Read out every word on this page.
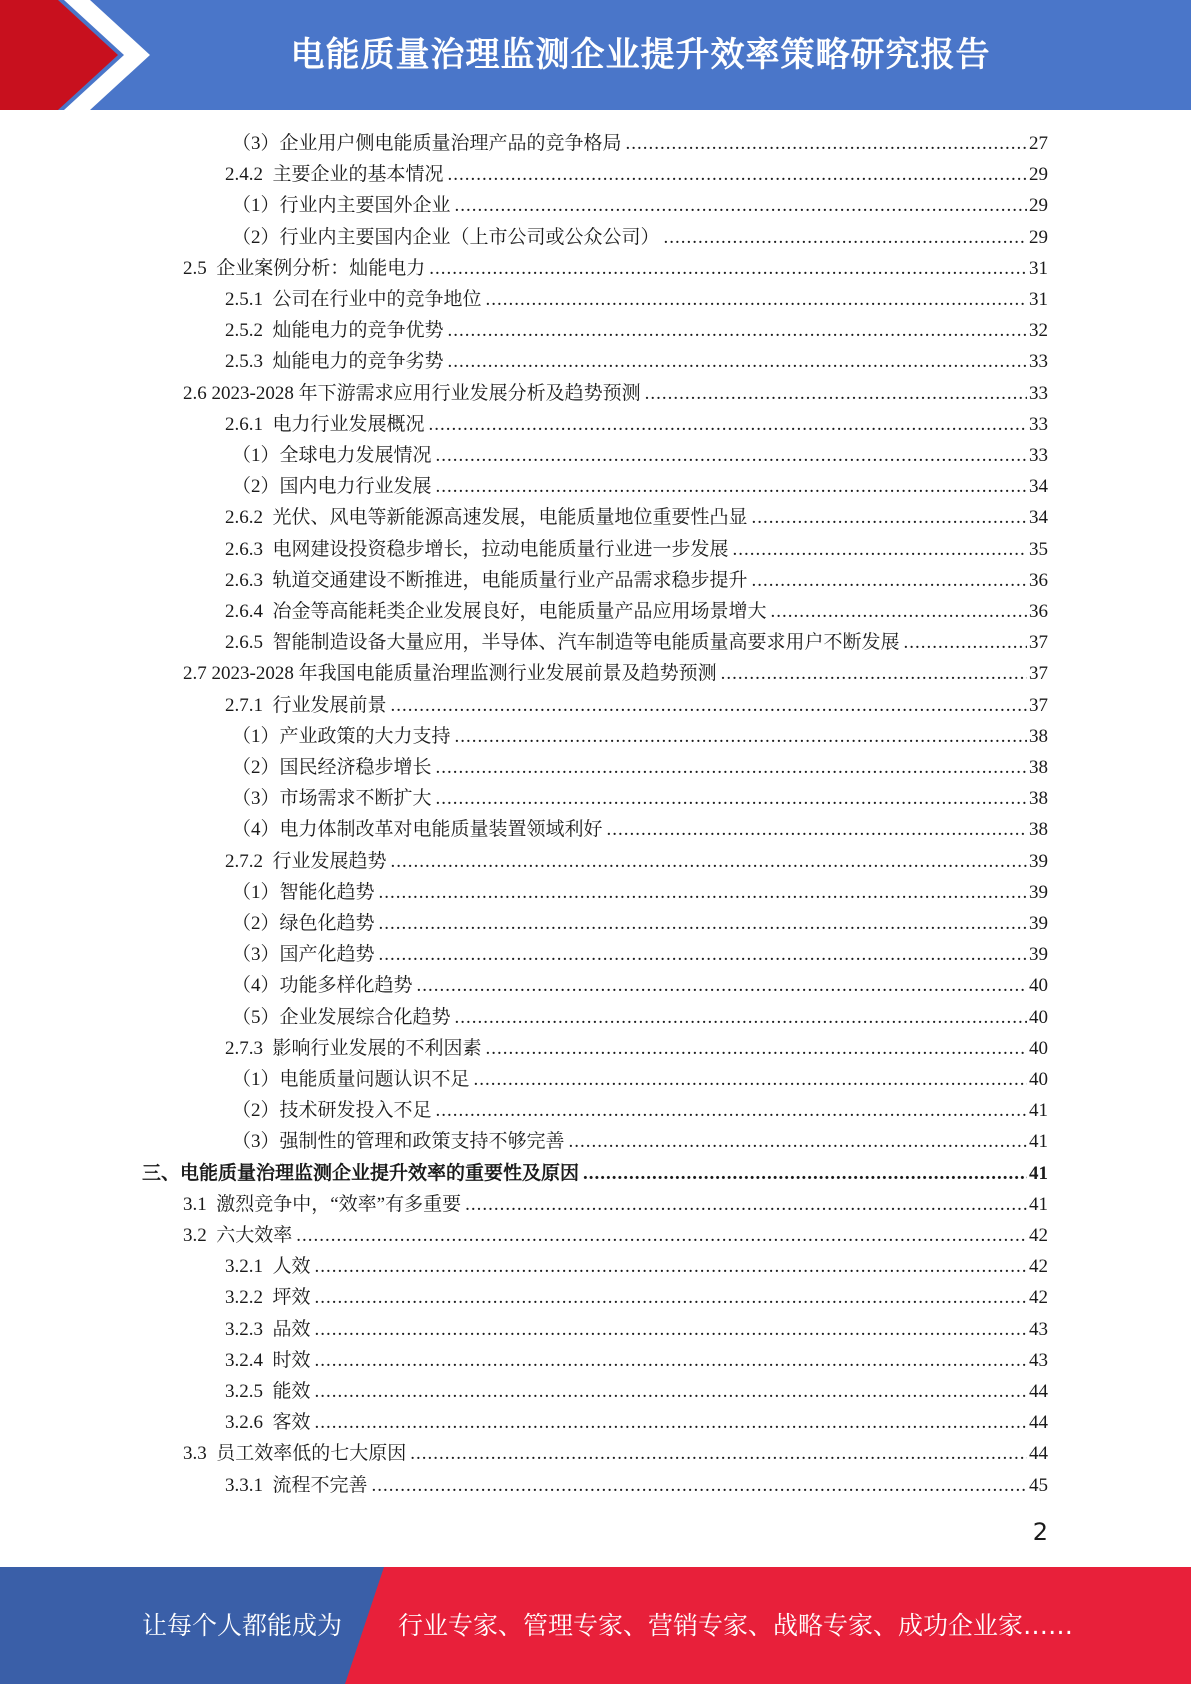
电能质量治理监测企业提升效率策略研究报告
（3）企业用户侧电能质量治理产品的竞争格局 .....	27
2.4.2  主要企业的基本情况 .....	29
（1）行业内主要国外企业 .....	29
（2）行业内主要国内企业（上市公司或公众公司） .....	29
2.5  企业案例分析：灿能电力 .....	31
2.5.1  公司在行业中的竞争地位 .....	31
2.5.2  灿能电力的竞争优势 .....	32
2.5.3  灿能电力的竞争劣势 .....	33
2.6 2023-2028 年下游需求应用行业发展分析及趋势预测 .....	33
2.6.1  电力行业发展概况 .....	33
（1）全球电力发展情况 .....	33
（2）国内电力行业发展 .....	34
2.6.2  光伏、风电等新能源高速发展，电能质量地位重要性凸显 .....	34
2.6.3  电网建设投资稳步增长，拉动电能质量行业进一步发展 .....	35
2.6.3  轨道交通建设不断推进，电能质量行业产品需求稳步提升 .....	36
2.6.4  冶金等高能耗类企业发展良好，电能质量产品应用场景增大 .....	36
2.6.5  智能制造设备大量应用，半导体、汽车制造等电能质量高要求用户不断发展 .....	37
2.7 2023-2028 年我国电能质量治理监测行业发展前景及趋势预测 .....	37
2.7.1  行业发展前景 .....	37
（1）产业政策的大力支持 .....	38
（2）国民经济稳步增长 .....	38
（3）市场需求不断扩大 .....	38
（4）电力体制改革对电能质量装置领域利好 .....	38
2.7.2  行业发展趋势 .....	39
（1）智能化趋势 .....	39
（2）绿色化趋势 .....	39
（3）国产化趋势 .....	39
（4）功能多样化趋势 .....	40
（5）企业发展综合化趋势 .....	40
2.7.3  影响行业发展的不利因素 .....	40
（1）电能质量问题认识不足 .....	40
（2）技术研发投入不足 .....	41
（3）强制性的管理和政策支持不够完善 .....	41
三、电能质量治理监测企业提升效率的重要性及原因 .....	41
3.1  激烈竞争中，“效率”有多重要 .....	41
3.2  六大效率 .....	42
3.2.1  人效 .....	42
3.2.2  坪效 .....	42
3.2.3  品效 .....	43
3.2.4  时效 .....	43
3.2.5  能效 .....	44
3.2.6  客效 .....	44
3.3  员工效率低的七大原因 .....	44
3.3.1  流程不完善 .....	45
2
让每个人都能成为 行业专家、管理专家、营销专家、战略专家、成功企业家……
